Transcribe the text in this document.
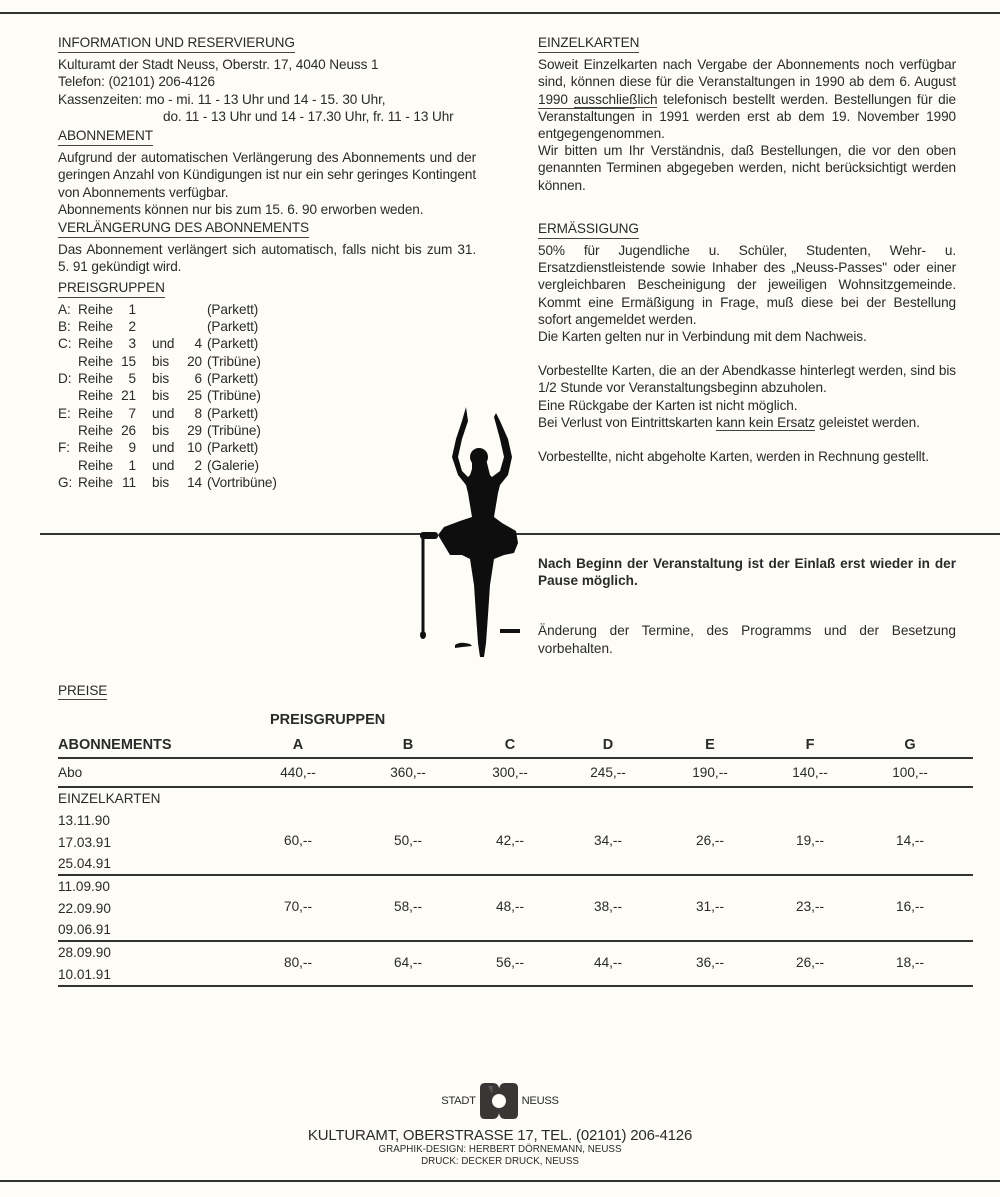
INFORMATION UND RESERVIERUNG
Kulturamt der Stadt Neuss, Oberstr. 17, 4040 Neuss 1
Telefon: (02101) 206-4126
Kassenzeiten: mo - mi. 11 - 13 Uhr und 14 - 15. 30 Uhr,
do. 11 - 13 Uhr und 14 - 17.30 Uhr, fr. 11 - 13 Uhr
ABONNEMENT
Aufgrund der automatischen Verlängerung des Abonnements und der geringen Anzahl von Kündigungen ist nur ein sehr geringes Kontingent von Abonnements verfügbar.
Abonnements können nur bis zum 15. 6. 90 erworben weden.
VERLÄNGERUNG DES ABONNEMENTS
Das Abonnement verlängert sich automatisch, falls nicht bis zum 31. 5. 91 gekündigt wird.
PREISGRUPPEN
A:	Reihe	1			(Parkett)
B:	Reihe	2			(Parkett)
C:	Reihe	3	und	4	(Parkett)
	Reihe	15	bis	20	(Tribüne)
D:	Reihe	5	bis	6	(Parkett)
	Reihe	21	bis	25	(Tribüne)
E:	Reihe	7	und	8	(Parkett)
	Reihe	26	bis	29	(Tribüne)
F:	Reihe	9	und	10	(Parkett)
	Reihe	1	und	2	(Galerie)
G:	Reihe	11	bis	14	(Vortribüne)
EINZELKARTEN
Soweit Einzelkarten nach Vergabe der Abonnements noch verfügbar sind, können diese für die Veranstaltungen in 1990 ab dem 6. August 1990 ausschließlich telefonisch bestellt werden. Bestellungen für die Veranstaltungen in 1991 werden erst ab dem 19. November 1990 entgegengenommen.
Wir bitten um Ihr Verständnis, daß Bestellungen, die vor den oben genannten Terminen abgegeben werden, nicht berücksichtigt werden können.
ERMÄSSIGUNG
50% für Jugendliche u. Schüler, Studenten, Wehr- u. Ersatzdienstleistende sowie Inhaber des „Neuss-Passes" oder einer vergleichbaren Bescheinigung der jeweiligen Wohnsitzgemeinde. Kommt eine Ermäßigung in Frage, muß diese bei der Bestellung sofort angemeldet werden.
Die Karten gelten nur in Verbindung mit dem Nachweis.
Vorbestellte Karten, die an der Abendkasse hinterlegt werden, sind bis 1/2 Stunde vor Veranstaltungsbeginn abzuholen.
Eine Rückgabe der Karten ist nicht möglich.
Bei Verlust von Eintrittskarten kann kein Ersatz geleistet werden.
Vorbestellte, nicht abgeholte Karten, werden in Rechnung gestellt.
Nach Beginn der Veranstaltung ist der Einlaß erst wieder in der Pause möglich.
Änderung der Termine, des Programms und der Besetzung vorbehalten.
PREISE
PREISGRUPPEN
ABONNEMENTS	A	B	C	D	E	F	G
Abo	440,--	360,--	300,--	245,--	190,--	140,--	100,--
EINZELKARTEN
13.11.90
17.03.91
25.04.91
60,--	50,--	42,--	34,--	26,--	19,--	14,--
11.09.90
22.09.90
09.06.91
70,--	58,--	48,--	38,--	31,--	23,--	16,--
28.09.90
10.01.91
80,--	64,--	56,--	44,--	36,--	26,--	18,--
STADT	NEUSS
KULTURAMT, OBERSTRASSE 17, TEL. (02101) 206-4126
GRAPHIK-DESIGN: HERBERT DÖRNEMANN, NEUSS
DRUCK: DECKER DRUCK, NEUSS
